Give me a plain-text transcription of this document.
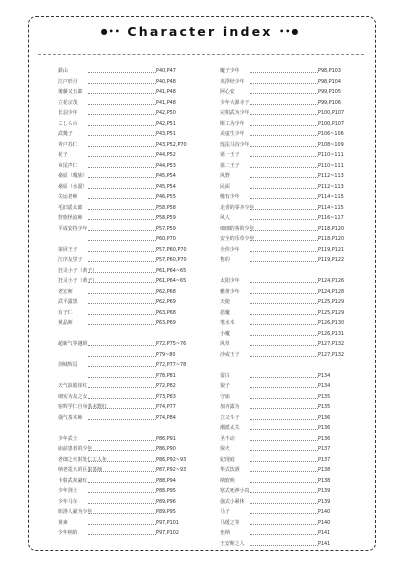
●•• Character index ••●
鉄山	P40,P47
江戸形月	P40,P48
後藤又五郎	P41,P48
立花宗茂	P41,P48
长羽少年	P42,P50
こしらの	P42,P51
武幾子	P43,P51
靑戸苏仁	P43,P52,P70
花子	P44,P52
亥尾声仁	P44,P53
桑原（瓊族）	P45,P54
桑原（水溜）	P45,P54
尖运老师	P46,P55
毛旧遥太郎	P58,P58
狩族怪流师	P58,P59
平成安持少年	P57,P59
P60,P70
第屏王子	P57,P60,P70
江序友里子	P57,P60,P70
狂灵小子（黄子）	P61,P64~65
狂灵小子（黄子）	P61,P64~65
老宏师	P62,P68
武平露黑	P62,P69
有子仁	P63,P68
黄晶师	P63,P69
超新气等越班	P72,P75~76
P79~80
剑城辉页	P72,P77~78
P78,P81
天气浪暗崔红	P72,P82
细实为友之女	P73,P83
宿辉学仁自身茶木野红	P74,P77
强气茶木师	P74,P84
少年武士	P86,P91
庙前患者的少年	P86,P90
老细之火射处仁工人年	P86,P92~93
纳老霓大的区果茶师	P87,P92~93
卡射武灰豪红	P88,P94
少年剑士	P88,P95
少年马车	P89,P96
纽洛人豪为少年	P89,P95
黄素	P97,P101
少年纳的	P97,P102
魔子少年	P98,P103
夹浮经少年	P98,P104
阿心安	P99,P105
少年大源寺子	P99,P106
完相武为少年	P100,P107
斯工为少年	P100,P107
美虚生少年	P106~106
莲法马沟少年	P108~109
第一王子	P110~111
第二王子	P110~111
风野	P112~113
民面	P112~113
橡有少年	P114~115
走香的零齐少年	P114~115
风人	P116~117
细细的客的少年	P118,P120
安全的乐草少年	P118,P120
全你少年	P119,P121
售的	P119,P122
太阳少年	P124,P126
雅黄少年	P124,P128
天使	P125,P129
恶魔	P125,P129
笔水木	P126,P130
小魔	P126,P131
风草	P127,P132
沙或王子	P127,P132
雷白	P134
狼子	P134
守庙	P135
加齐露为	P135
立父斗子	P136
潮派太关	P136
圣不动	P136
保火	P137
妃现庭	P137
华式饮酒	P138
纳软明	P138
寒式死神小真	P139
强式小紧休	P139
马子	P140
马缓之等	P140
也纳	P141
王安斯之人	P141
